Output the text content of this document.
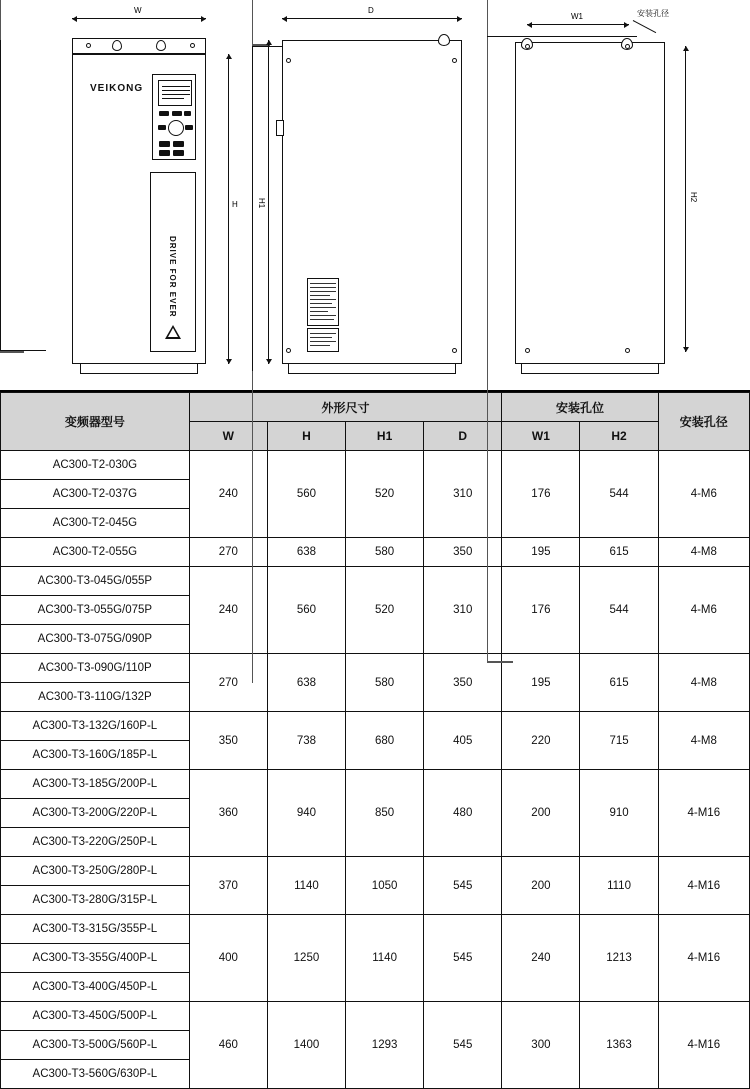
W
VEIKONG
DRIVE FOR EVER
H
D
H1
W1	安装孔径
H2
变频器型号	外形尺寸				安装孔位		安装孔径
	W	H	H1	D	W1	H2	
AC300-T2-030G	240	560	520	310	176	544	4-M6
AC300-T2-037G							
AC300-T2-045G							
AC300-T2-055G	270	638	580	350	195	615	4-M8
AC300-T3-045G/055P	240	560	520	310	176	544	4-M6
AC300-T3-055G/075P							
AC300-T3-075G/090P							
AC300-T3-090G/110P	270	638	580	350	195	615	4-M8
AC300-T3-110G/132P							
AC300-T3-132G/160P-L	350	738	680	405	220	715	4-M8
AC300-T3-160G/185P-L							
AC300-T3-185G/200P-L	360	940	850	480	200	910	4-M16
AC300-T3-200G/220P-L							
AC300-T3-220G/250P-L							
AC300-T3-250G/280P-L	370	1140	1050	545	200	1110	4-M16
AC300-T3-280G/315P-L							
AC300-T3-315G/355P-L	400	1250	1140	545	240	1213	4-M16
AC300-T3-355G/400P-L							
AC300-T3-400G/450P-L							
AC300-T3-450G/500P-L	460	1400	1293	545	300	1363	4-M16
AC300-T3-500G/560P-L							
AC300-T3-560G/630P-L							
